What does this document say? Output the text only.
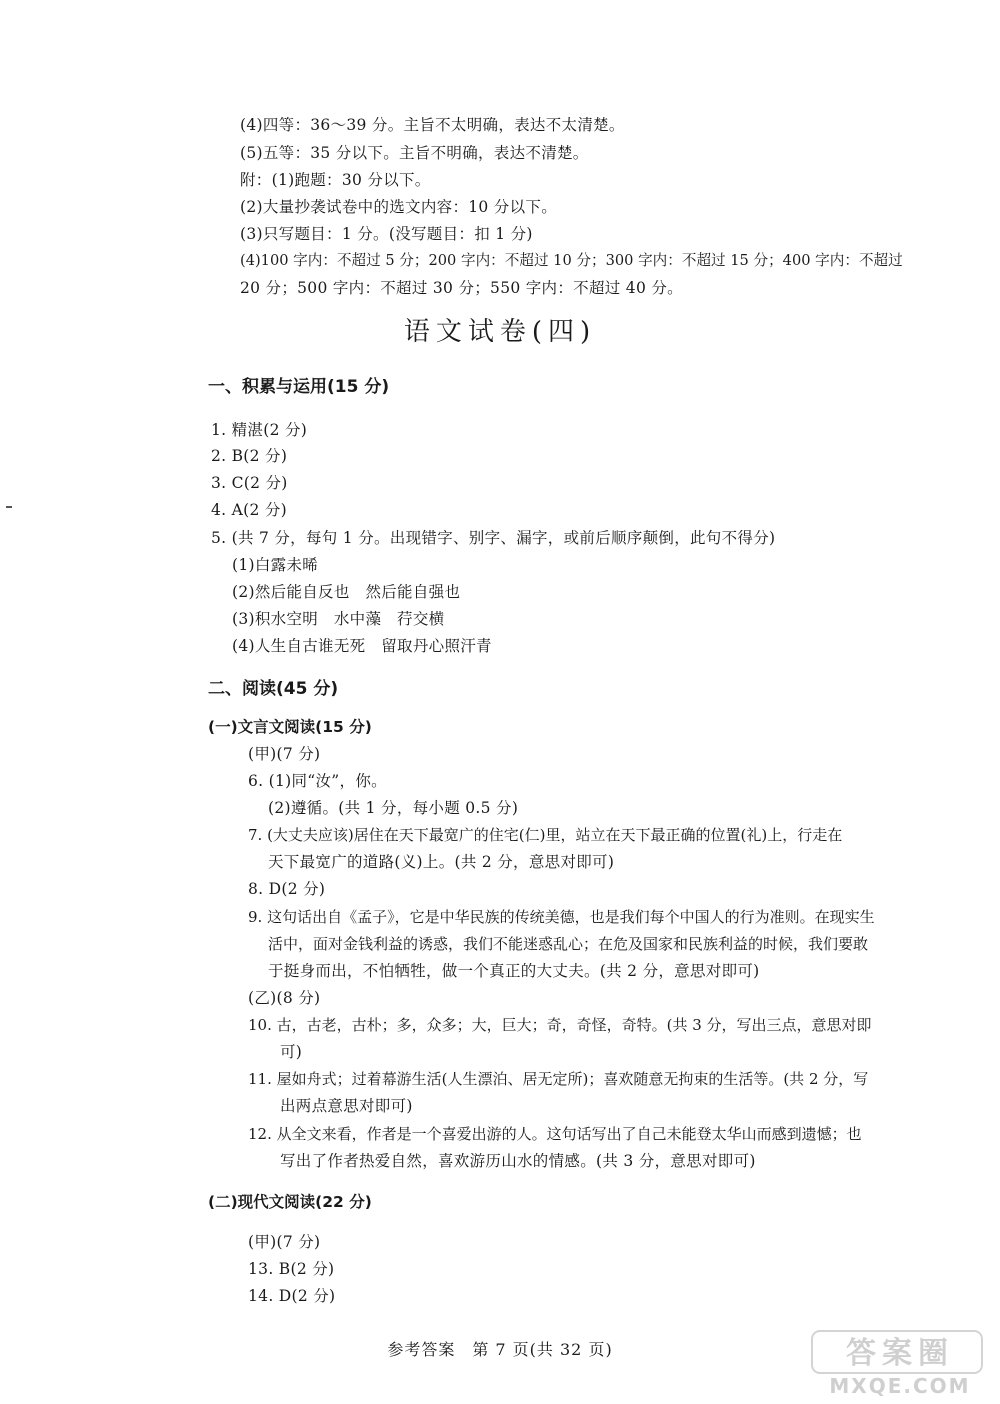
(4)四等：36～39 分。主旨不太明确，表达不太清楚。
(5)五等：35 分以下。主旨不明确，表达不清楚。
附：(1)跑题：30 分以下。
(2)大量抄袭试卷中的选文内容：10 分以下。
(3)只写题目：1 分。(没写题目：扣 1 分)
(4)100 字内：不超过 5 分；200 字内：不超过 10 分；300 字内：不超过 15 分；400 字内：不超过
20 分；500 字内：不超过 30 分；550 字内：不超过 40 分。
语文试卷(四)
一、积累与运用(15 分)
1. 精湛(2 分)
2. B(2 分)
3. C(2 分)
4. A(2 分)
5. (共 7 分，每句 1 分。出现错字、别字、漏字，或前后顺序颠倒，此句不得分)
(1)白露未晞
(2)然后能自反也　然后能自强也
(3)积水空明　水中藻　荇交横
(4)人生自古谁无死　留取丹心照汗青
二、阅读(45 分)
(一)文言文阅读(15 分)
(甲)(7 分)
6. (1)同“汝”，你。
(2)遵循。(共 1 分，每小题 0.5 分)
7. (大丈夫应该)居住在天下最宽广的住宅(仁)里，站立在天下最正确的位置(礼)上，行走在
天下最宽广的道路(义)上。(共 2 分，意思对即可)
8. D(2 分)
9. 这句话出自《孟子》，它是中华民族的传统美德，也是我们每个中国人的行为准则。在现实生
活中，面对金钱利益的诱惑，我们不能迷惑乱心；在危及国家和民族利益的时候，我们要敢
于挺身而出，不怕牺牲，做一个真正的大丈夫。(共 2 分，意思对即可)
(乙)(8 分)
10. 古，古老，古朴；多，众多；大，巨大；奇，奇怪，奇特。(共 3 分，写出三点，意思对即
可)
11. 屋如舟式；过着幕游生活(人生漂泊、居无定所)；喜欢随意无拘束的生活等。(共 2 分，写
出两点意思对即可)
12. 从全文来看，作者是一个喜爱出游的人。这句话写出了自己未能登太华山而感到遗憾；也
写出了作者热爱自然，喜欢游历山水的情感。(共 3 分，意思对即可)
(二)现代文阅读(22 分)
(甲)(7 分)
13. B(2 分)
14. D(2 分)
参考答案　第 7 页(共 32 页)	答案圈
MXQE.COM
